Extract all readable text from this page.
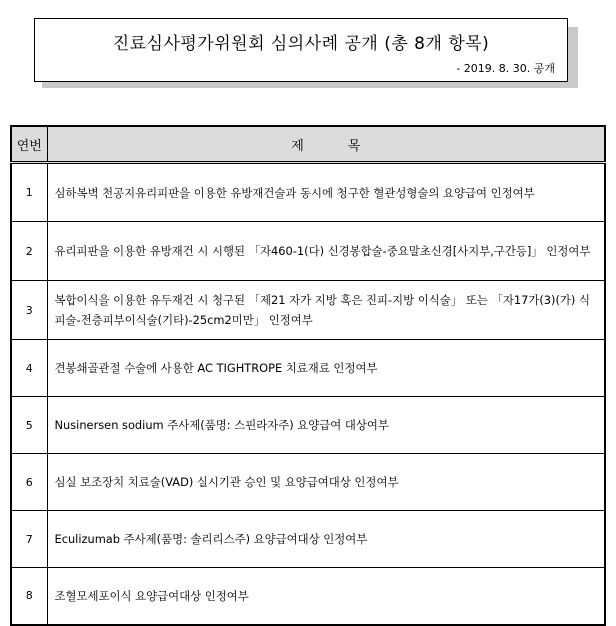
진료심사평가위원회 심의사례 공개 (총 8개 항목)
- 2019. 8. 30. 공개
연번	제목
1	심하복벽 천공지유리피판을 이용한 유방재건술과 동시에 청구한 혈관성형술의 요양급여 인정여부
2	유리피판을 이용한 유방재건 시 시행된 「자460-1(다) 신경봉합술-중요말초신경[사지부,구간등]」 인정여부
3	복합이식을 이용한 유두재건 시 청구된 「제21 자가 지방 혹은 진피-지방 이식술」 또는 「자17가(3)(가) 식피술-전층피부이식술(기타)-25cm2미만」 인정여부
4	견봉쇄골관절 수술에 사용한 AC TIGHTROPE 치료재료 인정여부
5	Nusinersen sodium 주사제(품명: 스핀라자주) 요양급여 대상여부
6	심실 보조장치 치료술(VAD) 실시기관 승인 및 요양급여대상 인정여부
7	Eculizumab 주사제(품명: 솔리리스주) 요양급여대상 인정여부
8	조혈모세포이식 요양급여대상 인정여부
